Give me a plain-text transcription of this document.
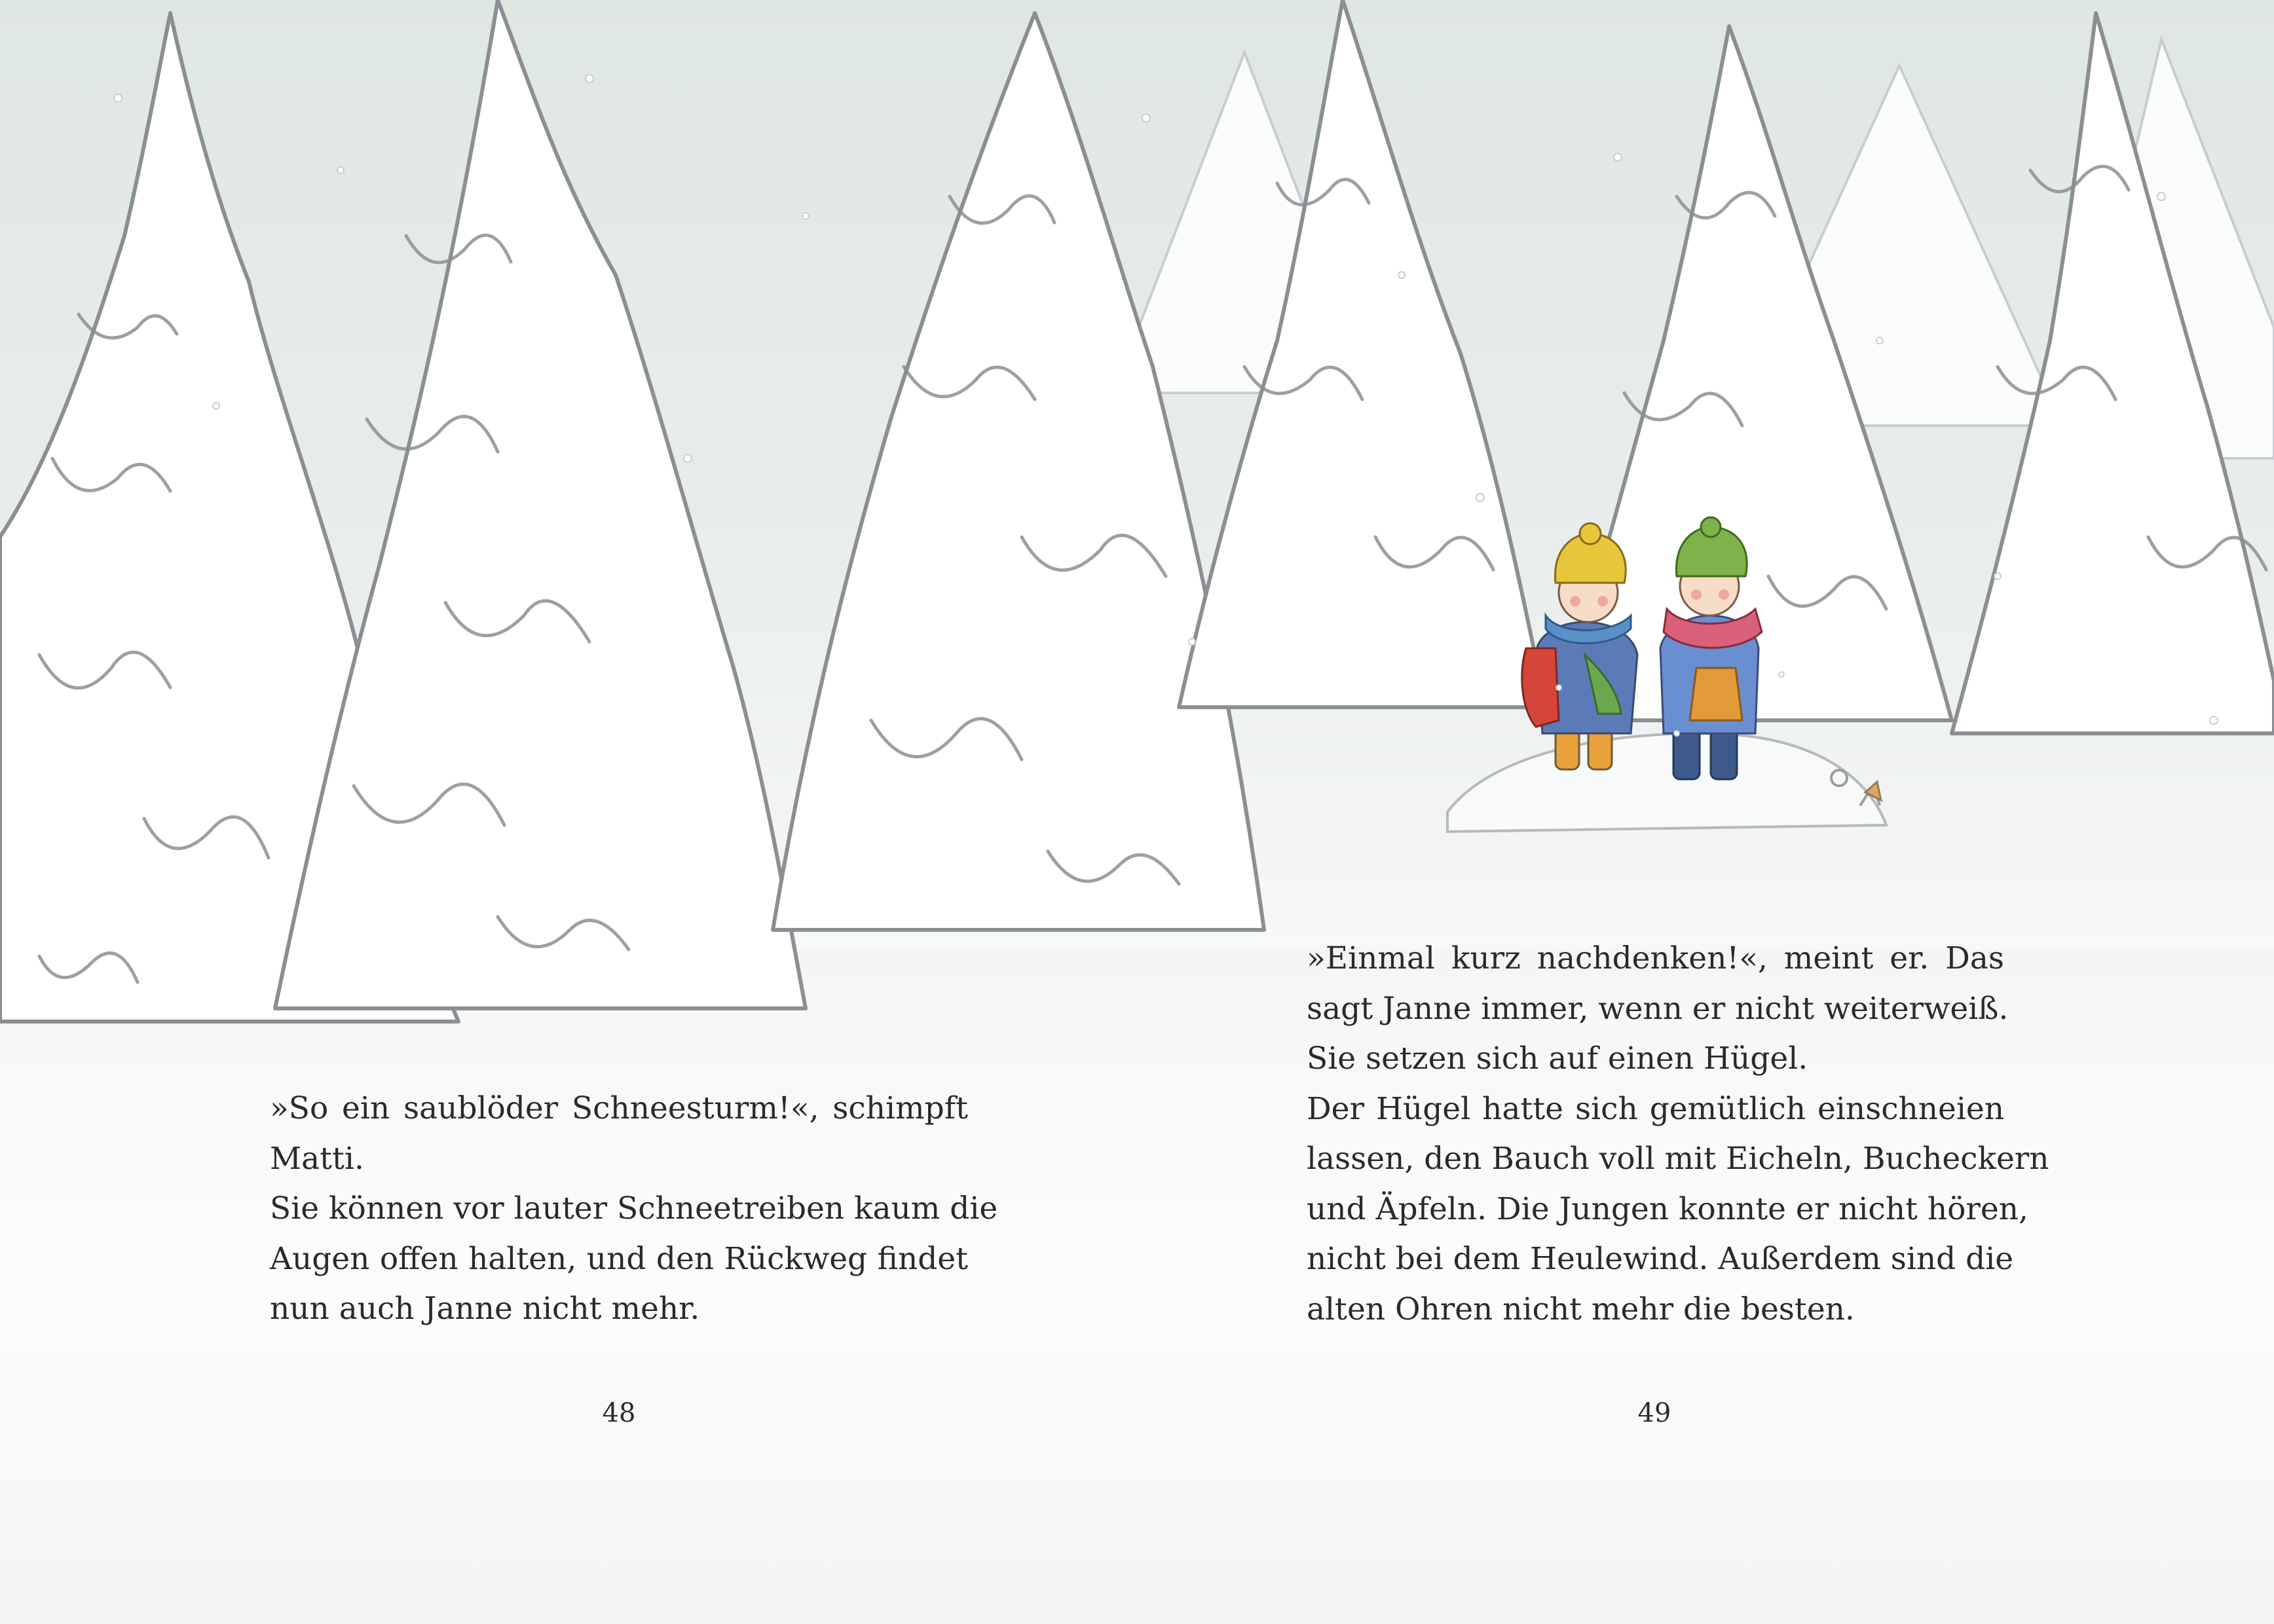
»So ein saublöder Schneesturm!«, schimpft
Matti.
Sie können vor lauter Schneetreiben kaum die
Augen offen halten, und den Rückweg findet
nun auch Janne nicht mehr.

»Einmal kurz nachdenken!«, meint er. Das
sagt Janne immer, wenn er nicht weiterweiß.
Sie setzen sich auf einen Hügel.
Der Hügel hatte sich gemütlich einschneien
lassen, den Bauch voll mit Eicheln, Bucheckern
und Äpfeln. Die Jungen konnte er nicht hören,
nicht bei dem Heulewind. Außerdem sind die
alten Ohren nicht mehr die besten.

48	49
